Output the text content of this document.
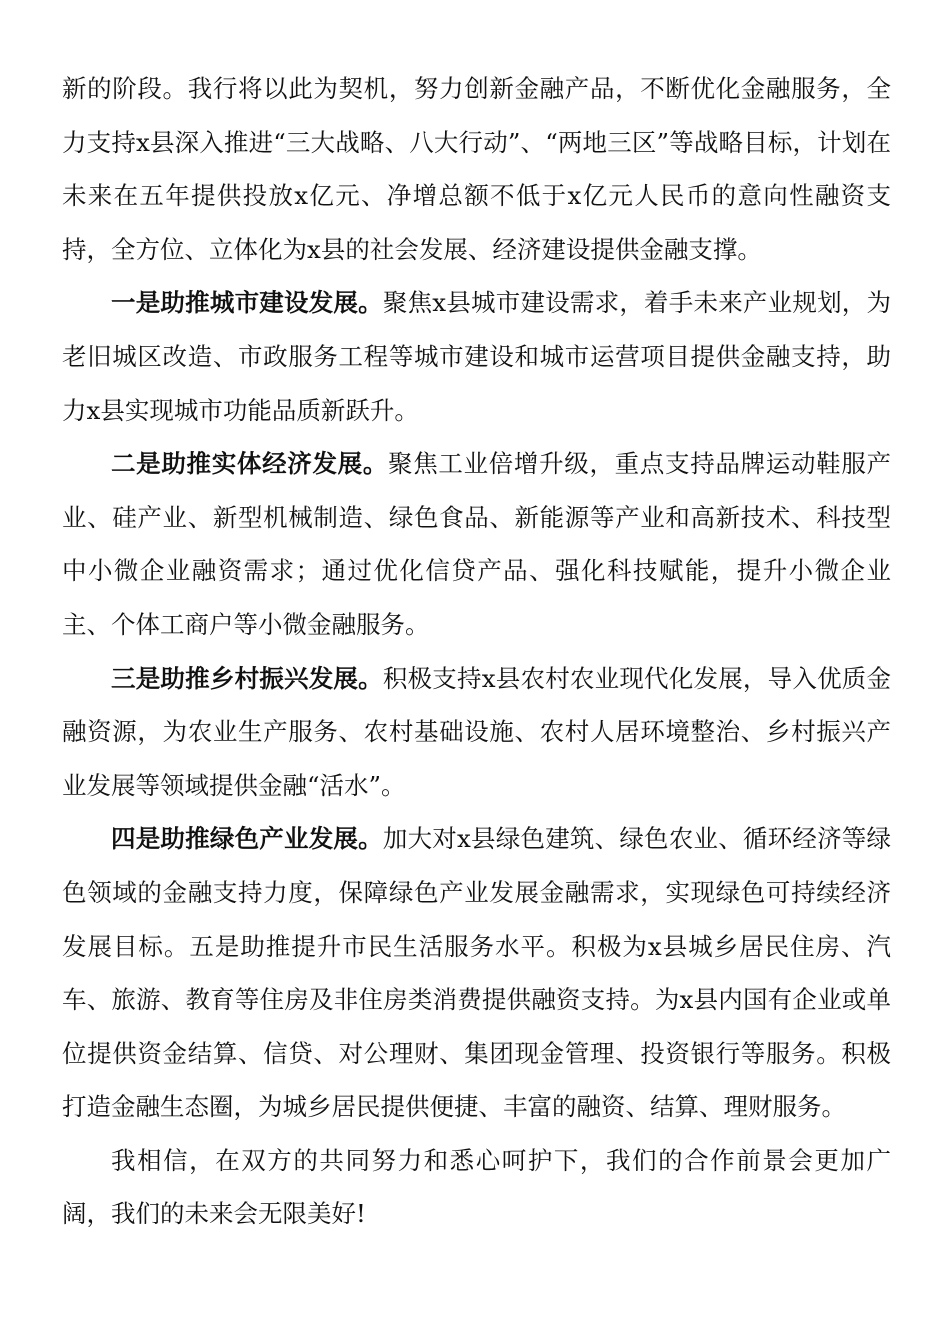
新的阶段。我行将以此为契机，努力创新金融产品，不断优化金融服务，全力支持x县深入推进“三大战略、八大行动”、“两地三区”等战略目标，计划在未来在五年提供投放x亿元、净增总额不低于x亿元人民币的意向性融资支持，全方位、立体化为x县的社会发展、经济建设提供金融支撑。

一是助推城市建设发展。聚焦x县城市建设需求，着手未来产业规划，为老旧城区改造、市政服务工程等城市建设和城市运营项目提供金融支持，助力x县实现城市功能品质新跃升。

二是助推实体经济发展。聚焦工业倍增升级，重点支持品牌运动鞋服产业、硅产业、新型机械制造、绿色食品、新能源等产业和高新技术、科技型中小微企业融资需求；通过优化信贷产品、强化科技赋能，提升小微企业主、个体工商户等小微金融服务。

三是助推乡村振兴发展。积极支持x县农村农业现代化发展，导入优质金融资源，为农业生产服务、农村基础设施、农村人居环境整治、乡村振兴产业发展等领域提供金融“活水”。

四是助推绿色产业发展。加大对x县绿色建筑、绿色农业、循环经济等绿色领域的金融支持力度，保障绿色产业发展金融需求，实现绿色可持续经济发展目标。五是助推提升市民生活服务水平。积极为x县城乡居民住房、汽车、旅游、教育等住房及非住房类消费提供融资支持。为x县内国有企业或单位提供资金结算、信贷、对公理财、集团现金管理、投资银行等服务。积极打造金融生态圈，为城乡居民提供便捷、丰富的融资、结算、理财服务。

我相信，在双方的共同努力和悉心呵护下，我们的合作前景会更加广阔，我们的未来会无限美好!
